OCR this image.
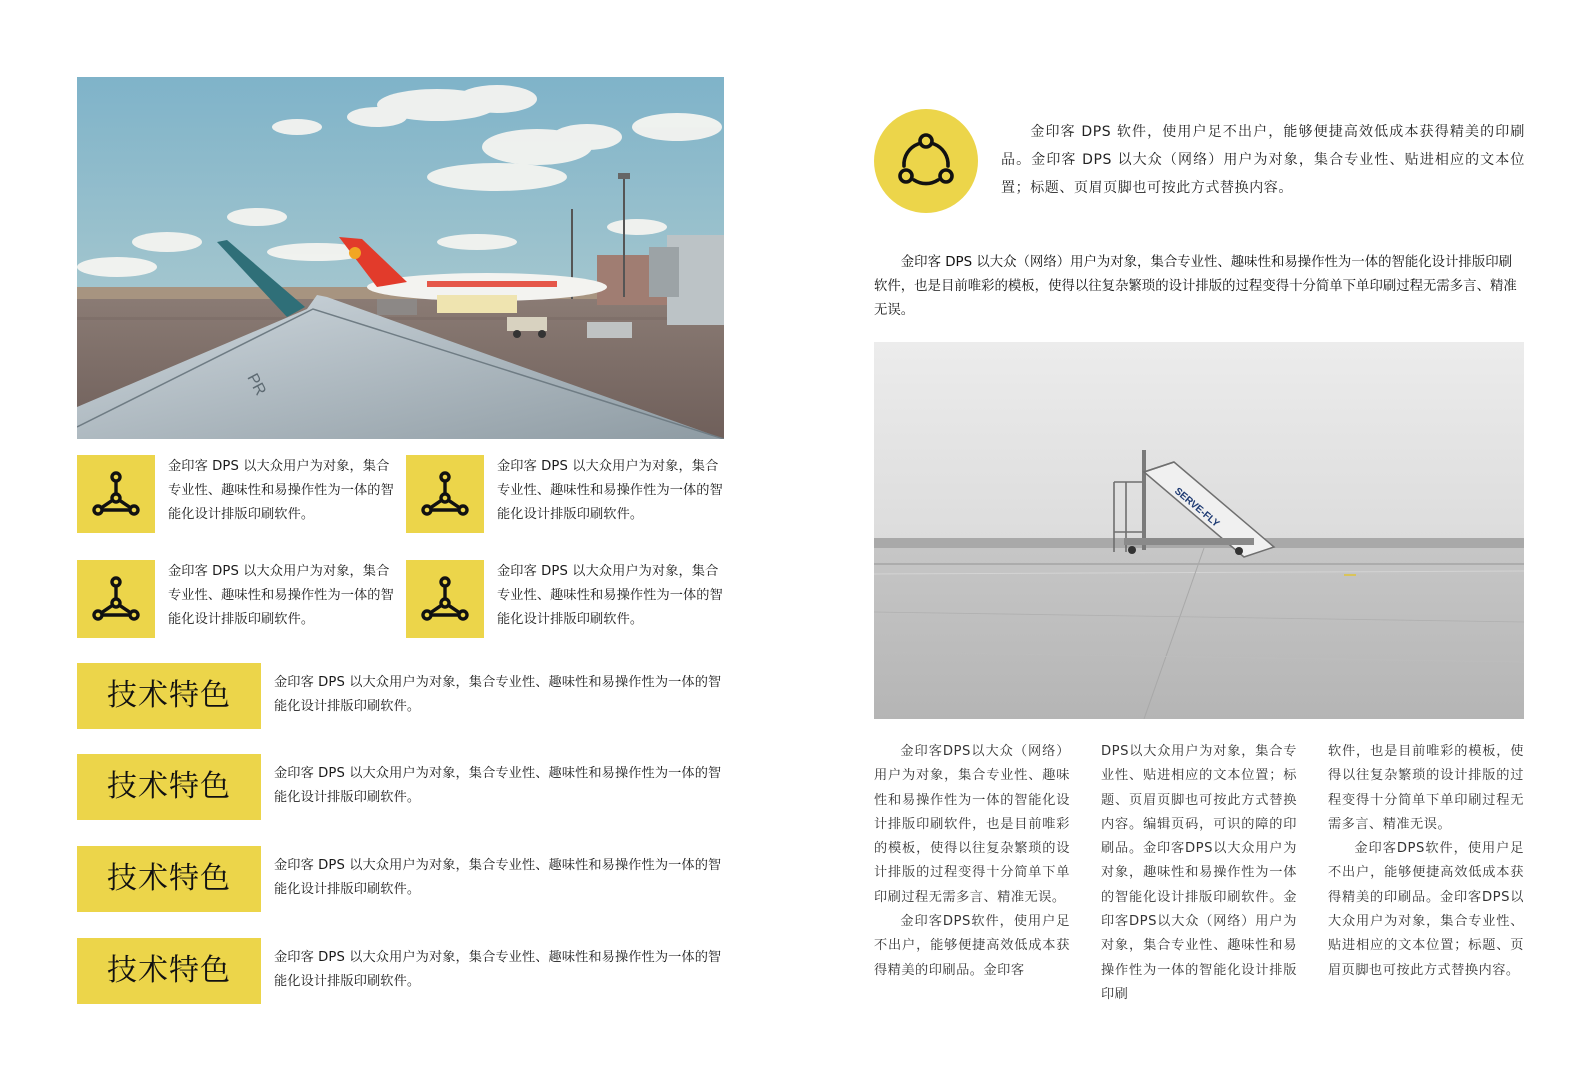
PR
金印客 DPS 以大众用户为对象，集合专业性、趣味性和易操作性为一体的智能化设计排版印刷软件。
金印客 DPS 以大众用户为对象，集合专业性、趣味性和易操作性为一体的智能化设计排版印刷软件。
金印客 DPS 以大众用户为对象，集合专业性、趣味性和易操作性为一体的智能化设计排版印刷软件。
金印客 DPS 以大众用户为对象，集合专业性、趣味性和易操作性为一体的智能化设计排版印刷软件。
技术特色	金印客 DPS 以大众用户为对象，集合专业性、趣味性和易操作性为一体的智能化设计排版印刷软件。
技术特色	金印客 DPS 以大众用户为对象，集合专业性、趣味性和易操作性为一体的智能化设计排版印刷软件。
技术特色	金印客 DPS 以大众用户为对象，集合专业性、趣味性和易操作性为一体的智能化设计排版印刷软件。
技术特色	金印客 DPS 以大众用户为对象，集合专业性、趣味性和易操作性为一体的智能化设计排版印刷软件。
金印客 DPS 软件，使用户足不出户，能够便捷高效低成本获得精美的印刷品。金印客 DPS 以大众（网络）用户为对象，集合专业性、贴进相应的文本位置；标题、页眉页脚也可按此方式替换内容。
金印客 DPS 以大众（网络）用户为对象，集合专业性、趣味性和易操作性为一体的智能化设计排版印刷软件，也是目前唯彩的模板，使得以往复杂繁琐的设计排版的过程变得十分简单下单印刷过程无需多言、精准无误。
SERVE-FLY

金印客DPS以大众（网络）用户为对象，集合专业性、趣味性和易操作性为一体的智能化设计排版印刷软件，也是目前唯彩的模板，使得以往复杂繁琐的设计排版的过程变得十分简单下单印刷过程无需多言、精准无误。

金印客DPS软件，使用户足不出户，能够便捷高效低成本获得精美的印刷品。金印客

DPS以大众用户为对象，集合专业性、贴进相应的文本位置；标题、页眉页脚也可按此方式替换内容。编辑页码，可识的障的印刷品。金印客DPS以大众用户为对象，趣味性和易操作性为一体的智能化设计排版印刷软件。金印客DPS以大众（网络）用户为对象，集合专业性、趣味性和易操作性为一体的智能化设计排版印刷

软件，也是目前唯彩的模板，使得以往复杂繁琐的设计排版的过程变得十分简单下单印刷过程无需多言、精准无误。

金印客DPS软件，使用户足不出户，能够便捷高效低成本获得精美的印刷品。金印客DPS以大众用户为对象，集合专业性、贴进相应的文本位置；标题、页眉页脚也可按此方式替换内容。
